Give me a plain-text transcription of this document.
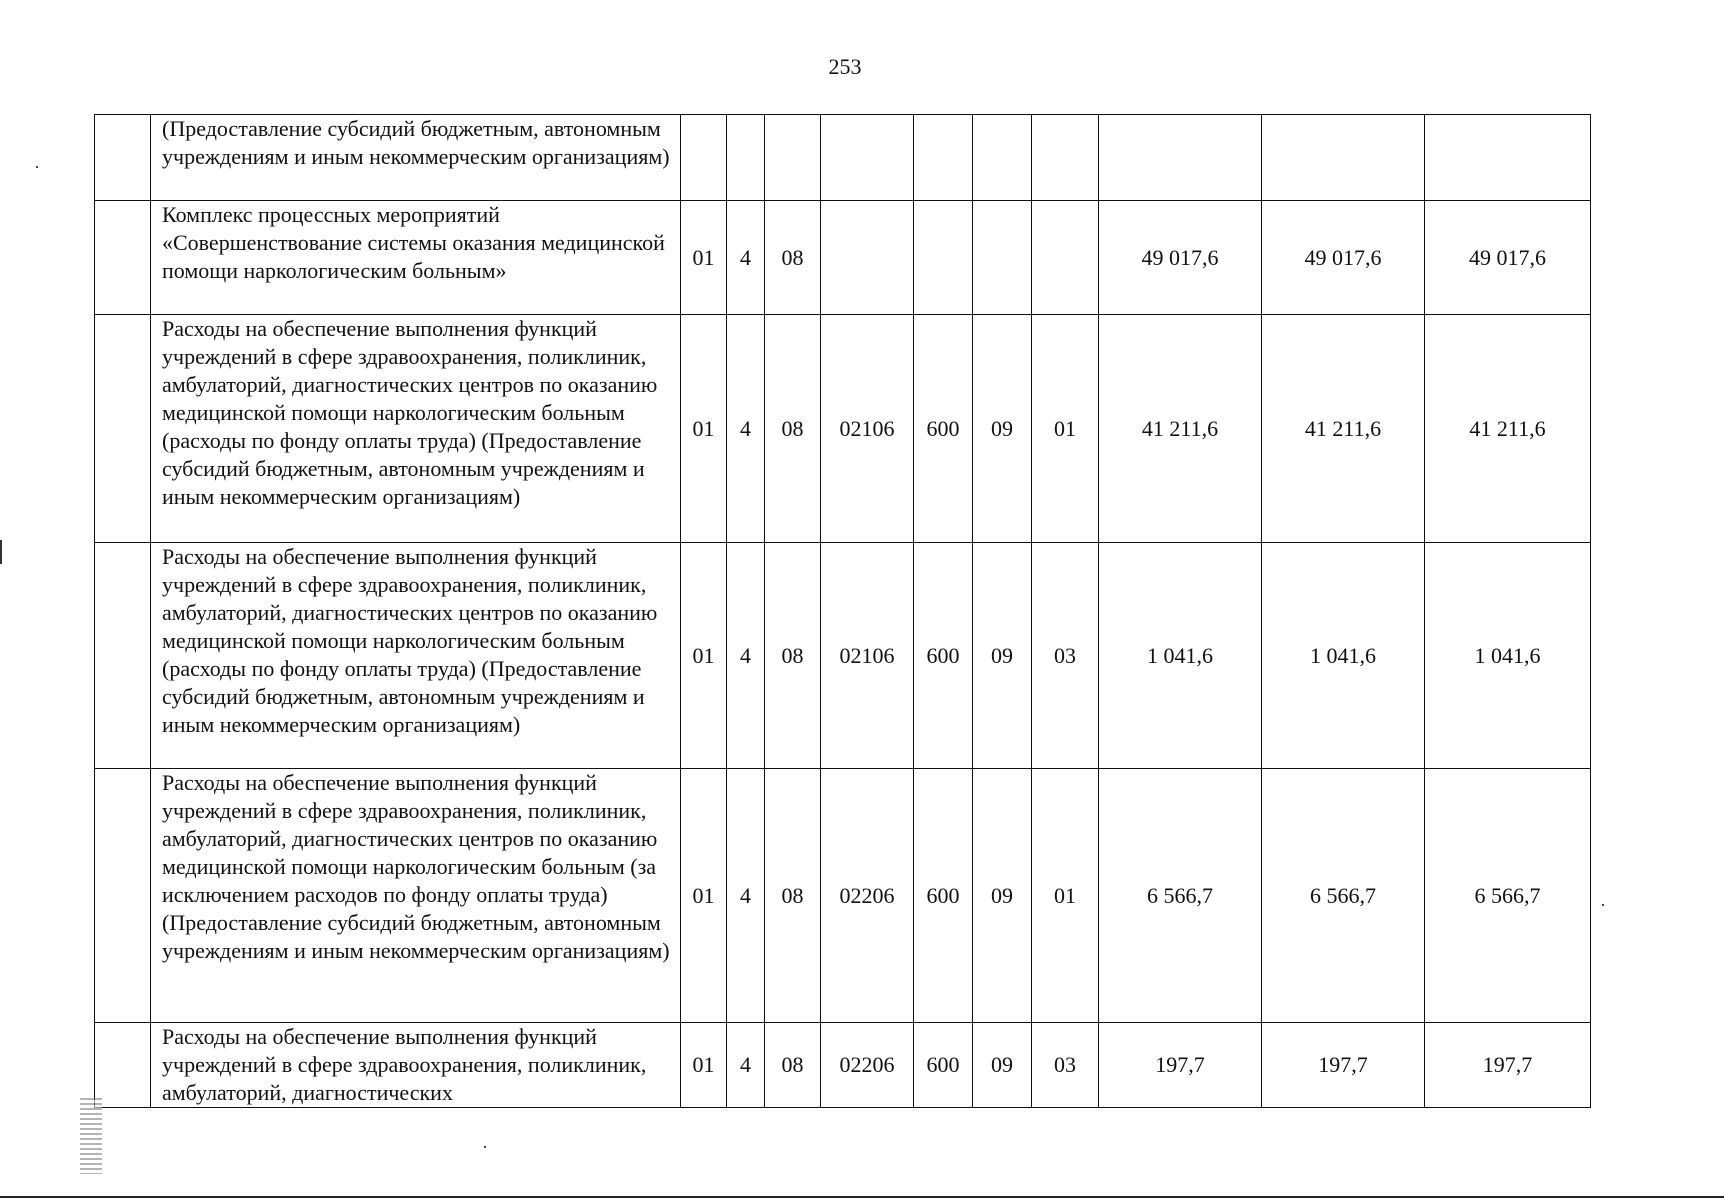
253
	(Предоставление субсидий бюджетным, автономным учреждениям и иным некоммерческим организациям)										
	Комплекс процессных мероприятий «Совершенствование системы оказания медицинской помощи наркологическим больным»	01	4	08					49 017,6	49 017,6	49 017,6
	Расходы на обеспечение выполнения функций учреждений в сфере здравоохранения, поликлиник, амбулаторий, диагностических центров по оказанию медицинской помощи наркологическим больным (расходы по фонду оплаты труда) (Предоставление субсидий бюджетным, автономным учреждениям и иным некоммерческим организациям)	01	4	08	02106	600	09	01	41 211,6	41 211,6	41 211,6
	Расходы на обеспечение выполнения функций учреждений в сфере здравоохранения, поликлиник, амбулаторий, диагностических центров по оказанию медицинской помощи наркологическим больным (расходы по фонду оплаты труда) (Предоставление субсидий бюджетным, автономным учреждениям и иным некоммерческим организациям)	01	4	08	02106	600	09	03	1 041,6	1 041,6	1 041,6
	Расходы на обеспечение выполнения функций учреждений в сфере здравоохранения, поликлиник, амбулаторий, диагностических центров по оказанию медицинской помощи наркологическим больным (за исключением расходов по фонду оплаты труда) (Предоставление субсидий бюджетным, автономным учреждениям и иным некоммерческим организациям)	01	4	08	02206	600	09	01	6 566,7	6 566,7	6 566,7
	Расходы на обеспечение выполнения функций учреждений в сфере здравоохранения, поликлиник, амбулаторий, диагностических	01	4	08	02206	600	09	03	197,7	197,7	197,7
